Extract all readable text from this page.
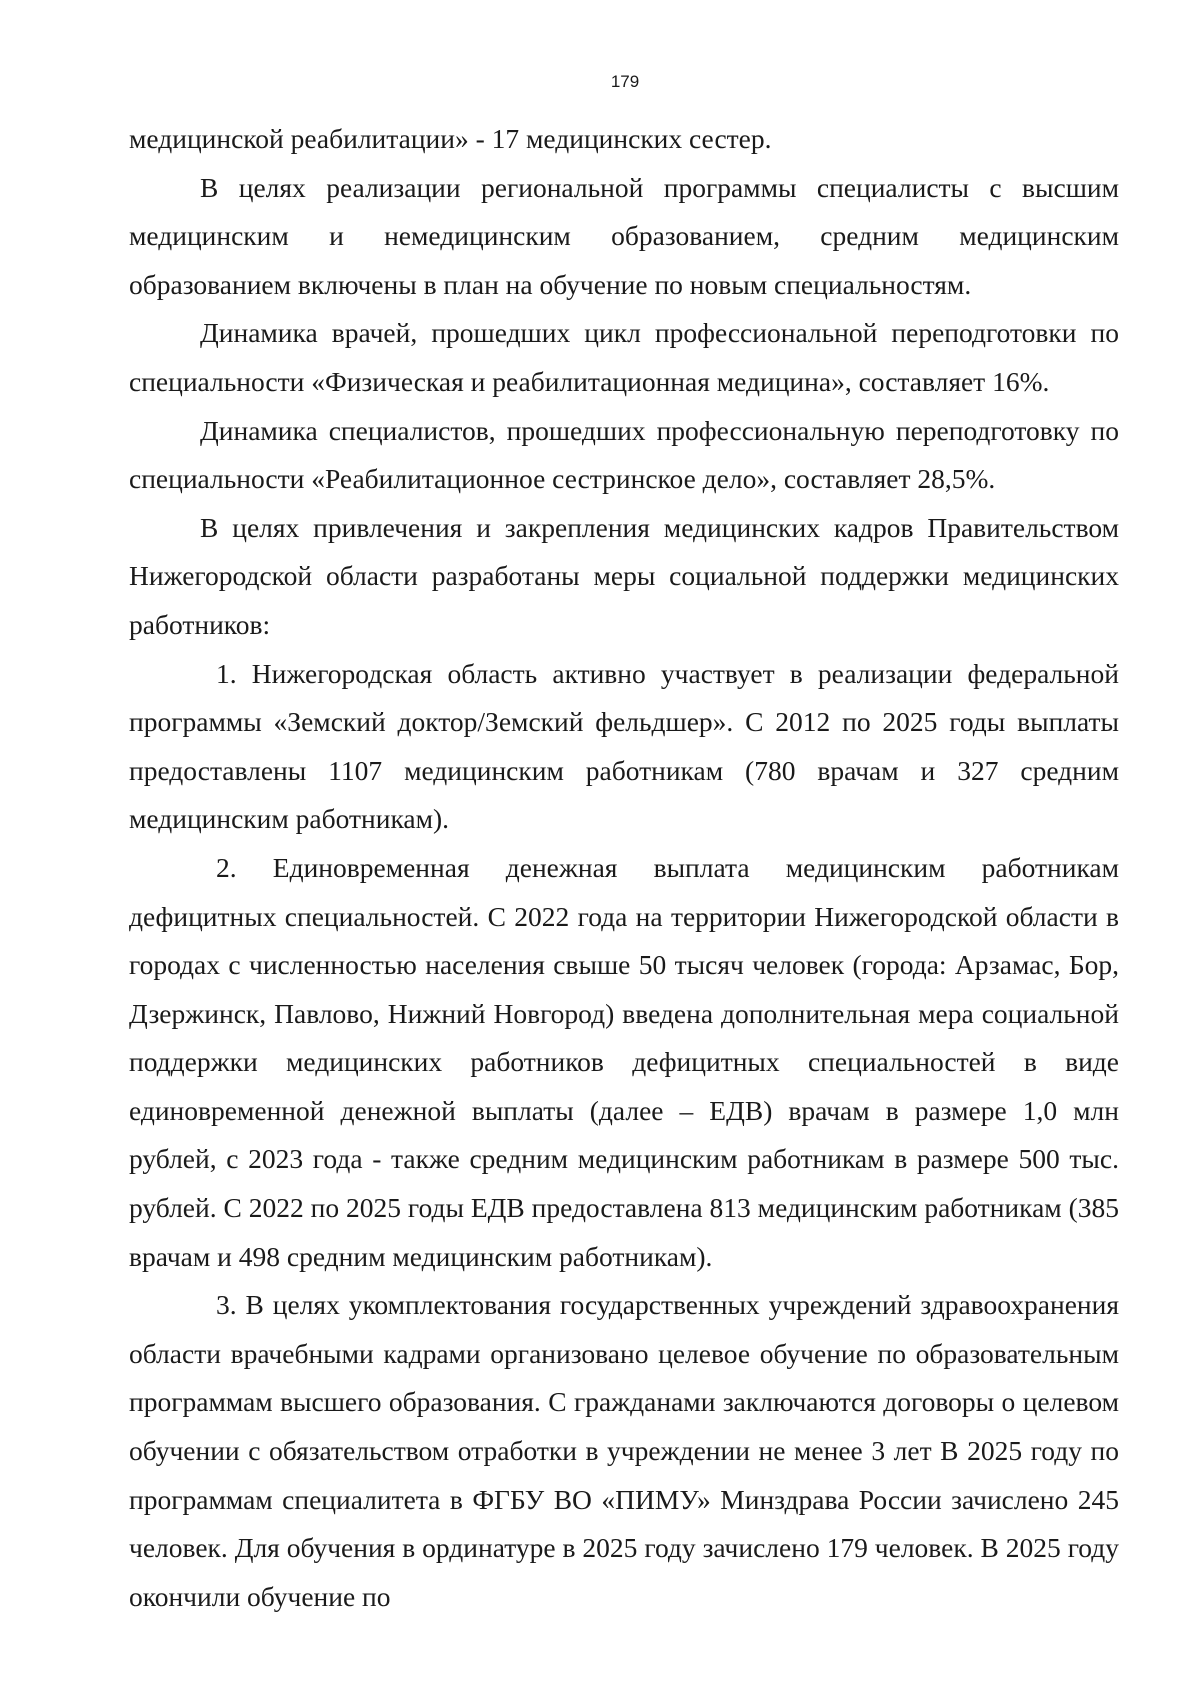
179

медицинской реабилитации» - 17 медицинских сестер.

В целях реализации региональной программы специалисты с высшим медицинским и немедицинским образованием, средним медицинским образованием включены в план на обучение по новым специальностям.

Динамика врачей, прошедших цикл профессиональной переподготовки по специальности «Физическая и реабилитационная медицина», составляет 16%.

Динамика специалистов, прошедших профессиональную переподготовку по специальности «Реабилитационное сестринское дело», составляет 28,5%.

В целях привлечения и закрепления медицинских кадров Правительством Нижегородской области разработаны меры социальной поддержки медицинских работников:

1. Нижегородская область активно участвует в реализации федеральной программы «Земский доктор/Земский фельдшер». С 2012 по 2025 годы выплаты предоставлены 1107 медицинским работникам (780 врачам и 327 средним медицинским работникам).

2. Единовременная денежная выплата медицинским работникам дефицитных специальностей. С 2022 года на территории Нижегородской области в городах с численностью населения свыше 50 тысяч человек (города: Арзамас, Бор, Дзержинск, Павлово, Нижний Новгород) введена дополнительная мера социальной поддержки медицинских работников дефицитных специальностей в виде единовременной денежной выплаты (далее – ЕДВ) врачам в размере 1,0 млн рублей, с 2023 года - также средним медицинским работникам в размере 500 тыс. рублей. С 2022 по 2025 годы ЕДВ предоставлена 813 медицинским работникам (385 врачам и 498 средним медицинским работникам).

3. В целях укомплектования государственных учреждений здравоохранения области врачебными кадрами организовано целевое обучение по образовательным программам высшего образования. С гражданами заключаются договоры о целевом обучении с обязательством отработки в учреждении не менее 3 лет В 2025 году по программам специалитета в ФГБУ ВО «ПИМУ» Минздрава России зачислено 245 человек. Для обучения в ординатуре в 2025 году зачислено 179 человек. В 2025 году окончили обучение по
